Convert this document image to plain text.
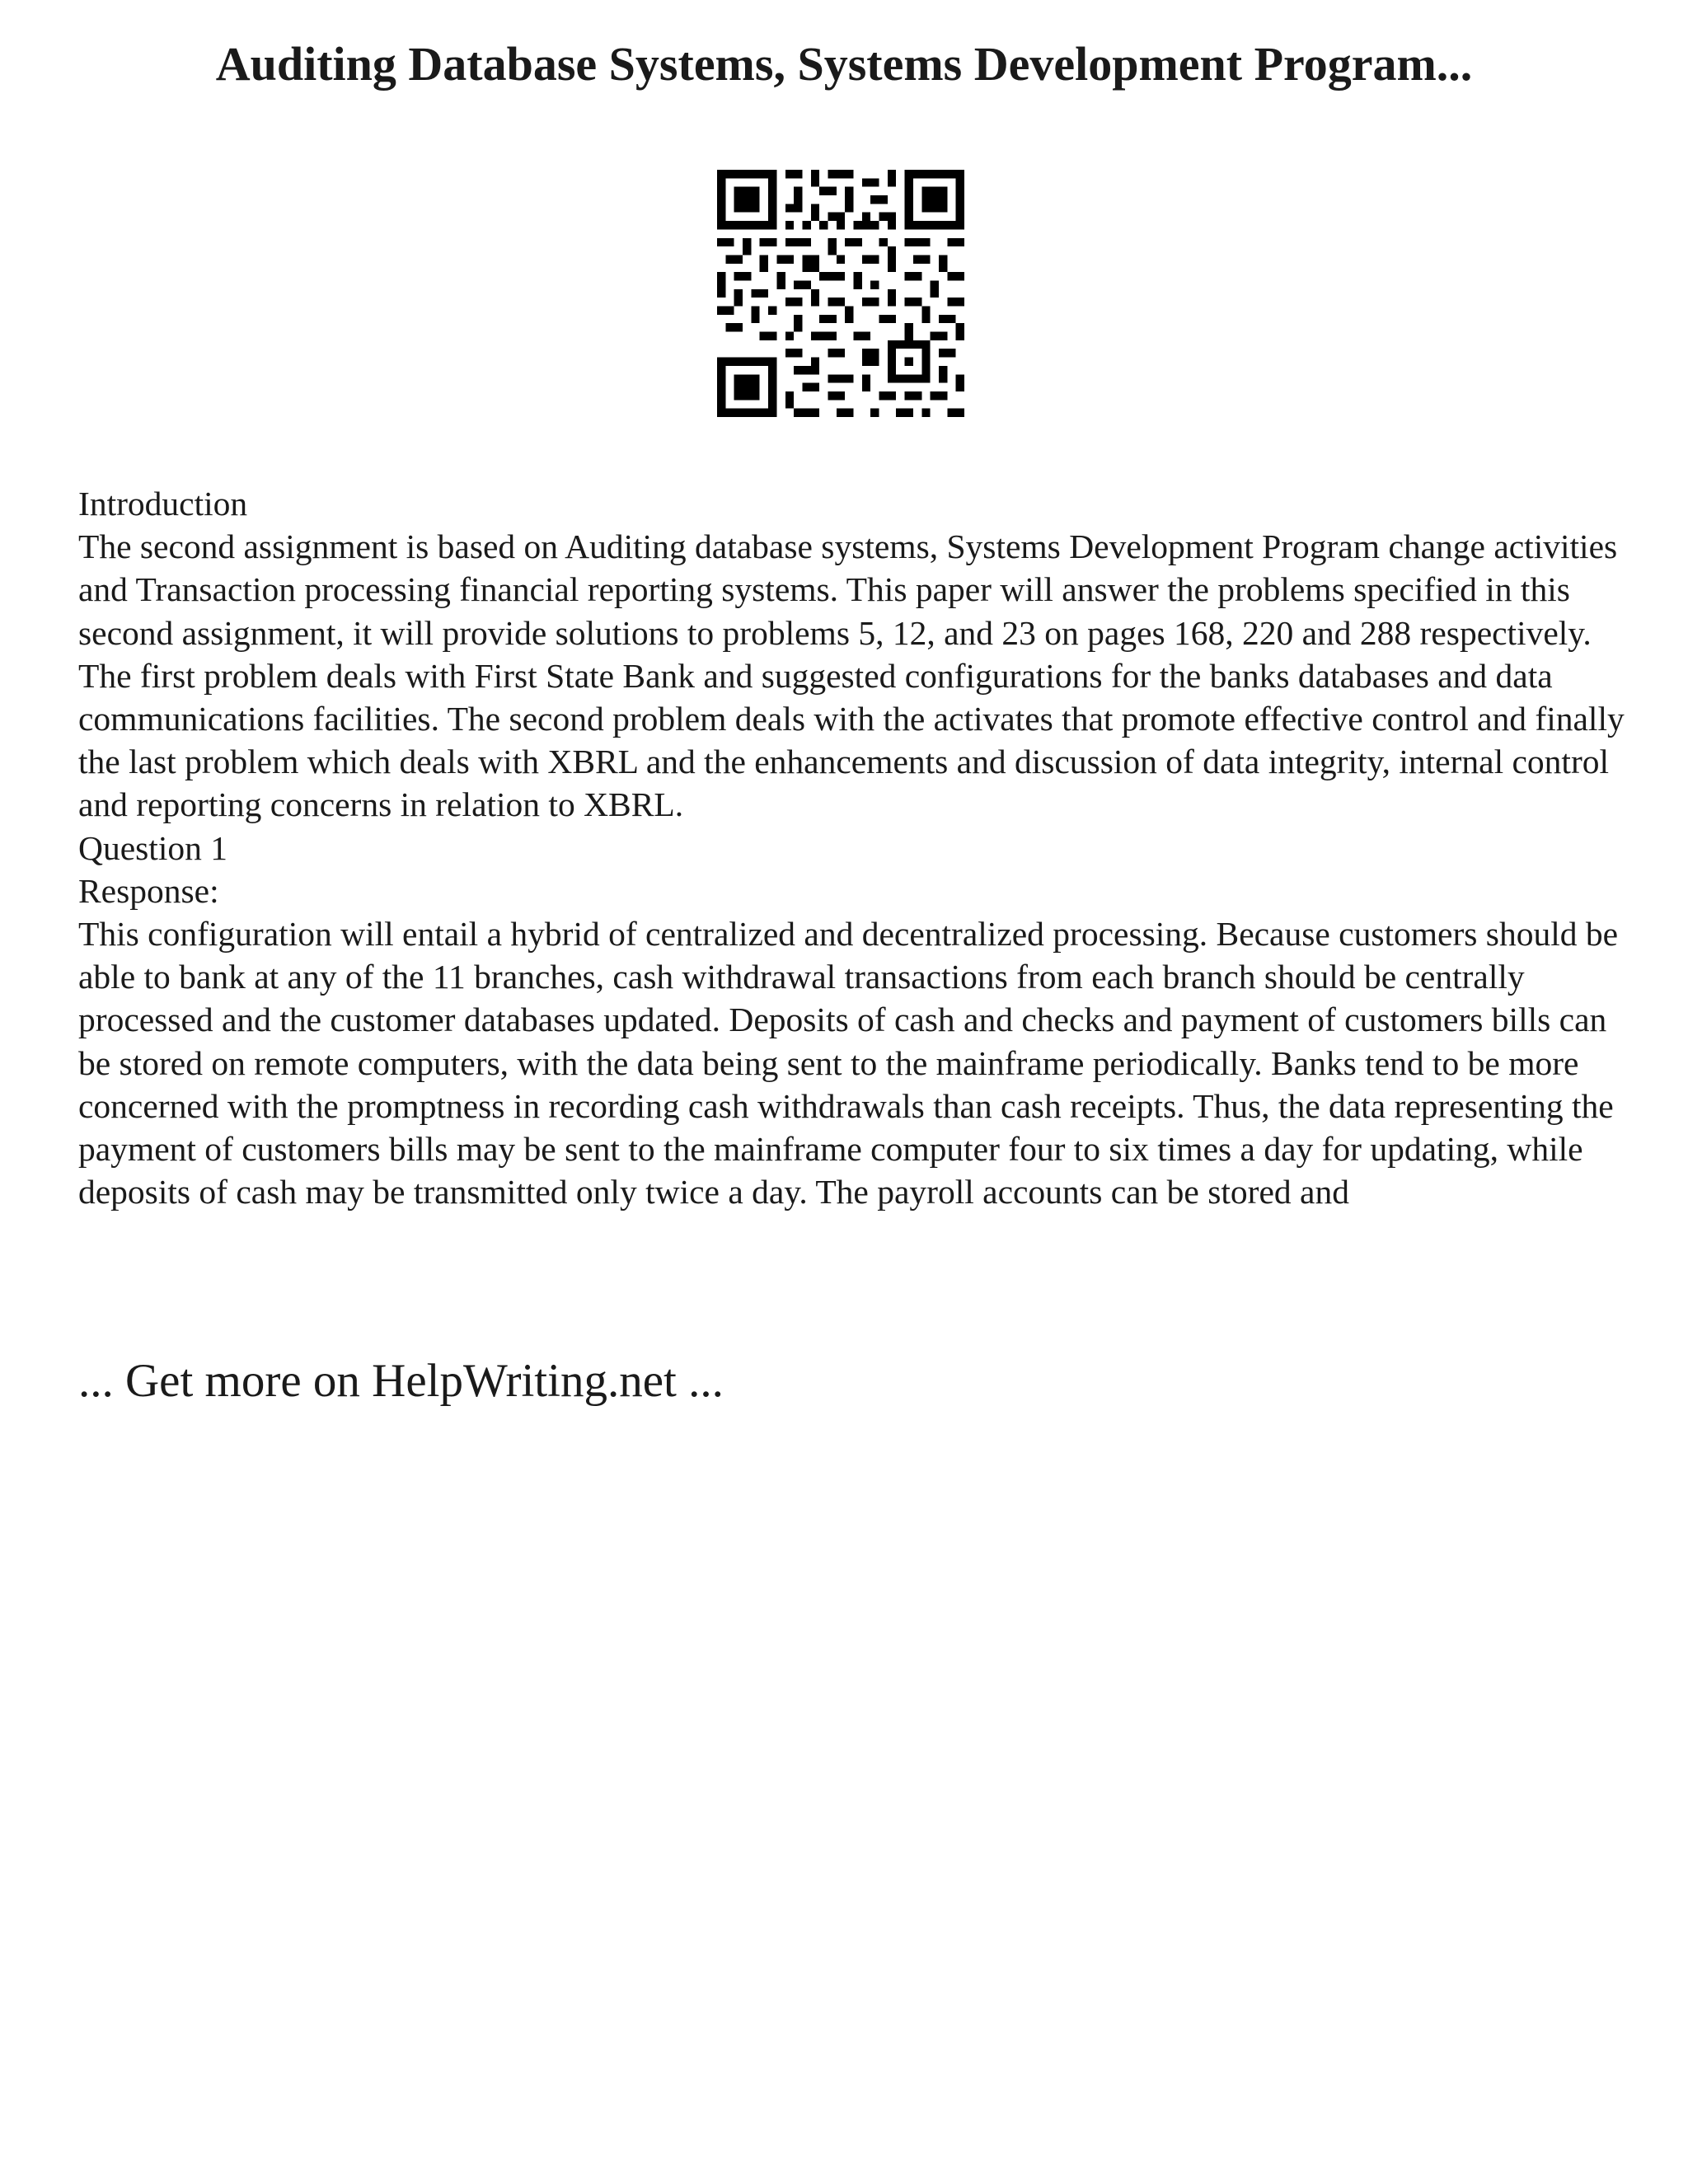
Auditing Database Systems, Systems Development Program...

Introduction

The second assignment is based on Auditing database systems, Systems Development Program change activities and Transaction processing financial reporting systems. This paper will answer the problems specified in this second assignment, it will provide solutions to problems 5, 12, and 23 on pages 168, 220 and 288 respectively.

The first problem deals with First State Bank and suggested configurations for the banks databases and data communications facilities. The second problem deals with the activates that promote effective control and finally the last problem which deals with XBRL and the enhancements and discussion of data integrity, internal control and reporting concerns in relation to XBRL.

Question 1

Response:

This configuration will entail a hybrid of centralized and decentralized processing. Because customers should be able to bank at any of the 11 branches, cash withdrawal transactions from each branch should be centrally processed and the customer databases updated. Deposits of cash and checks and payment of customers bills can be stored on remote computers, with the data being sent to the mainframe periodically. Banks tend to be more concerned with the promptness in recording cash withdrawals than cash receipts. Thus, the data representing the payment of customers bills may be sent to the mainframe computer four to six times a day for updating, while deposits of cash may be transmitted only twice a day. The payroll accounts can be stored and

... Get more on HelpWriting.net ...
